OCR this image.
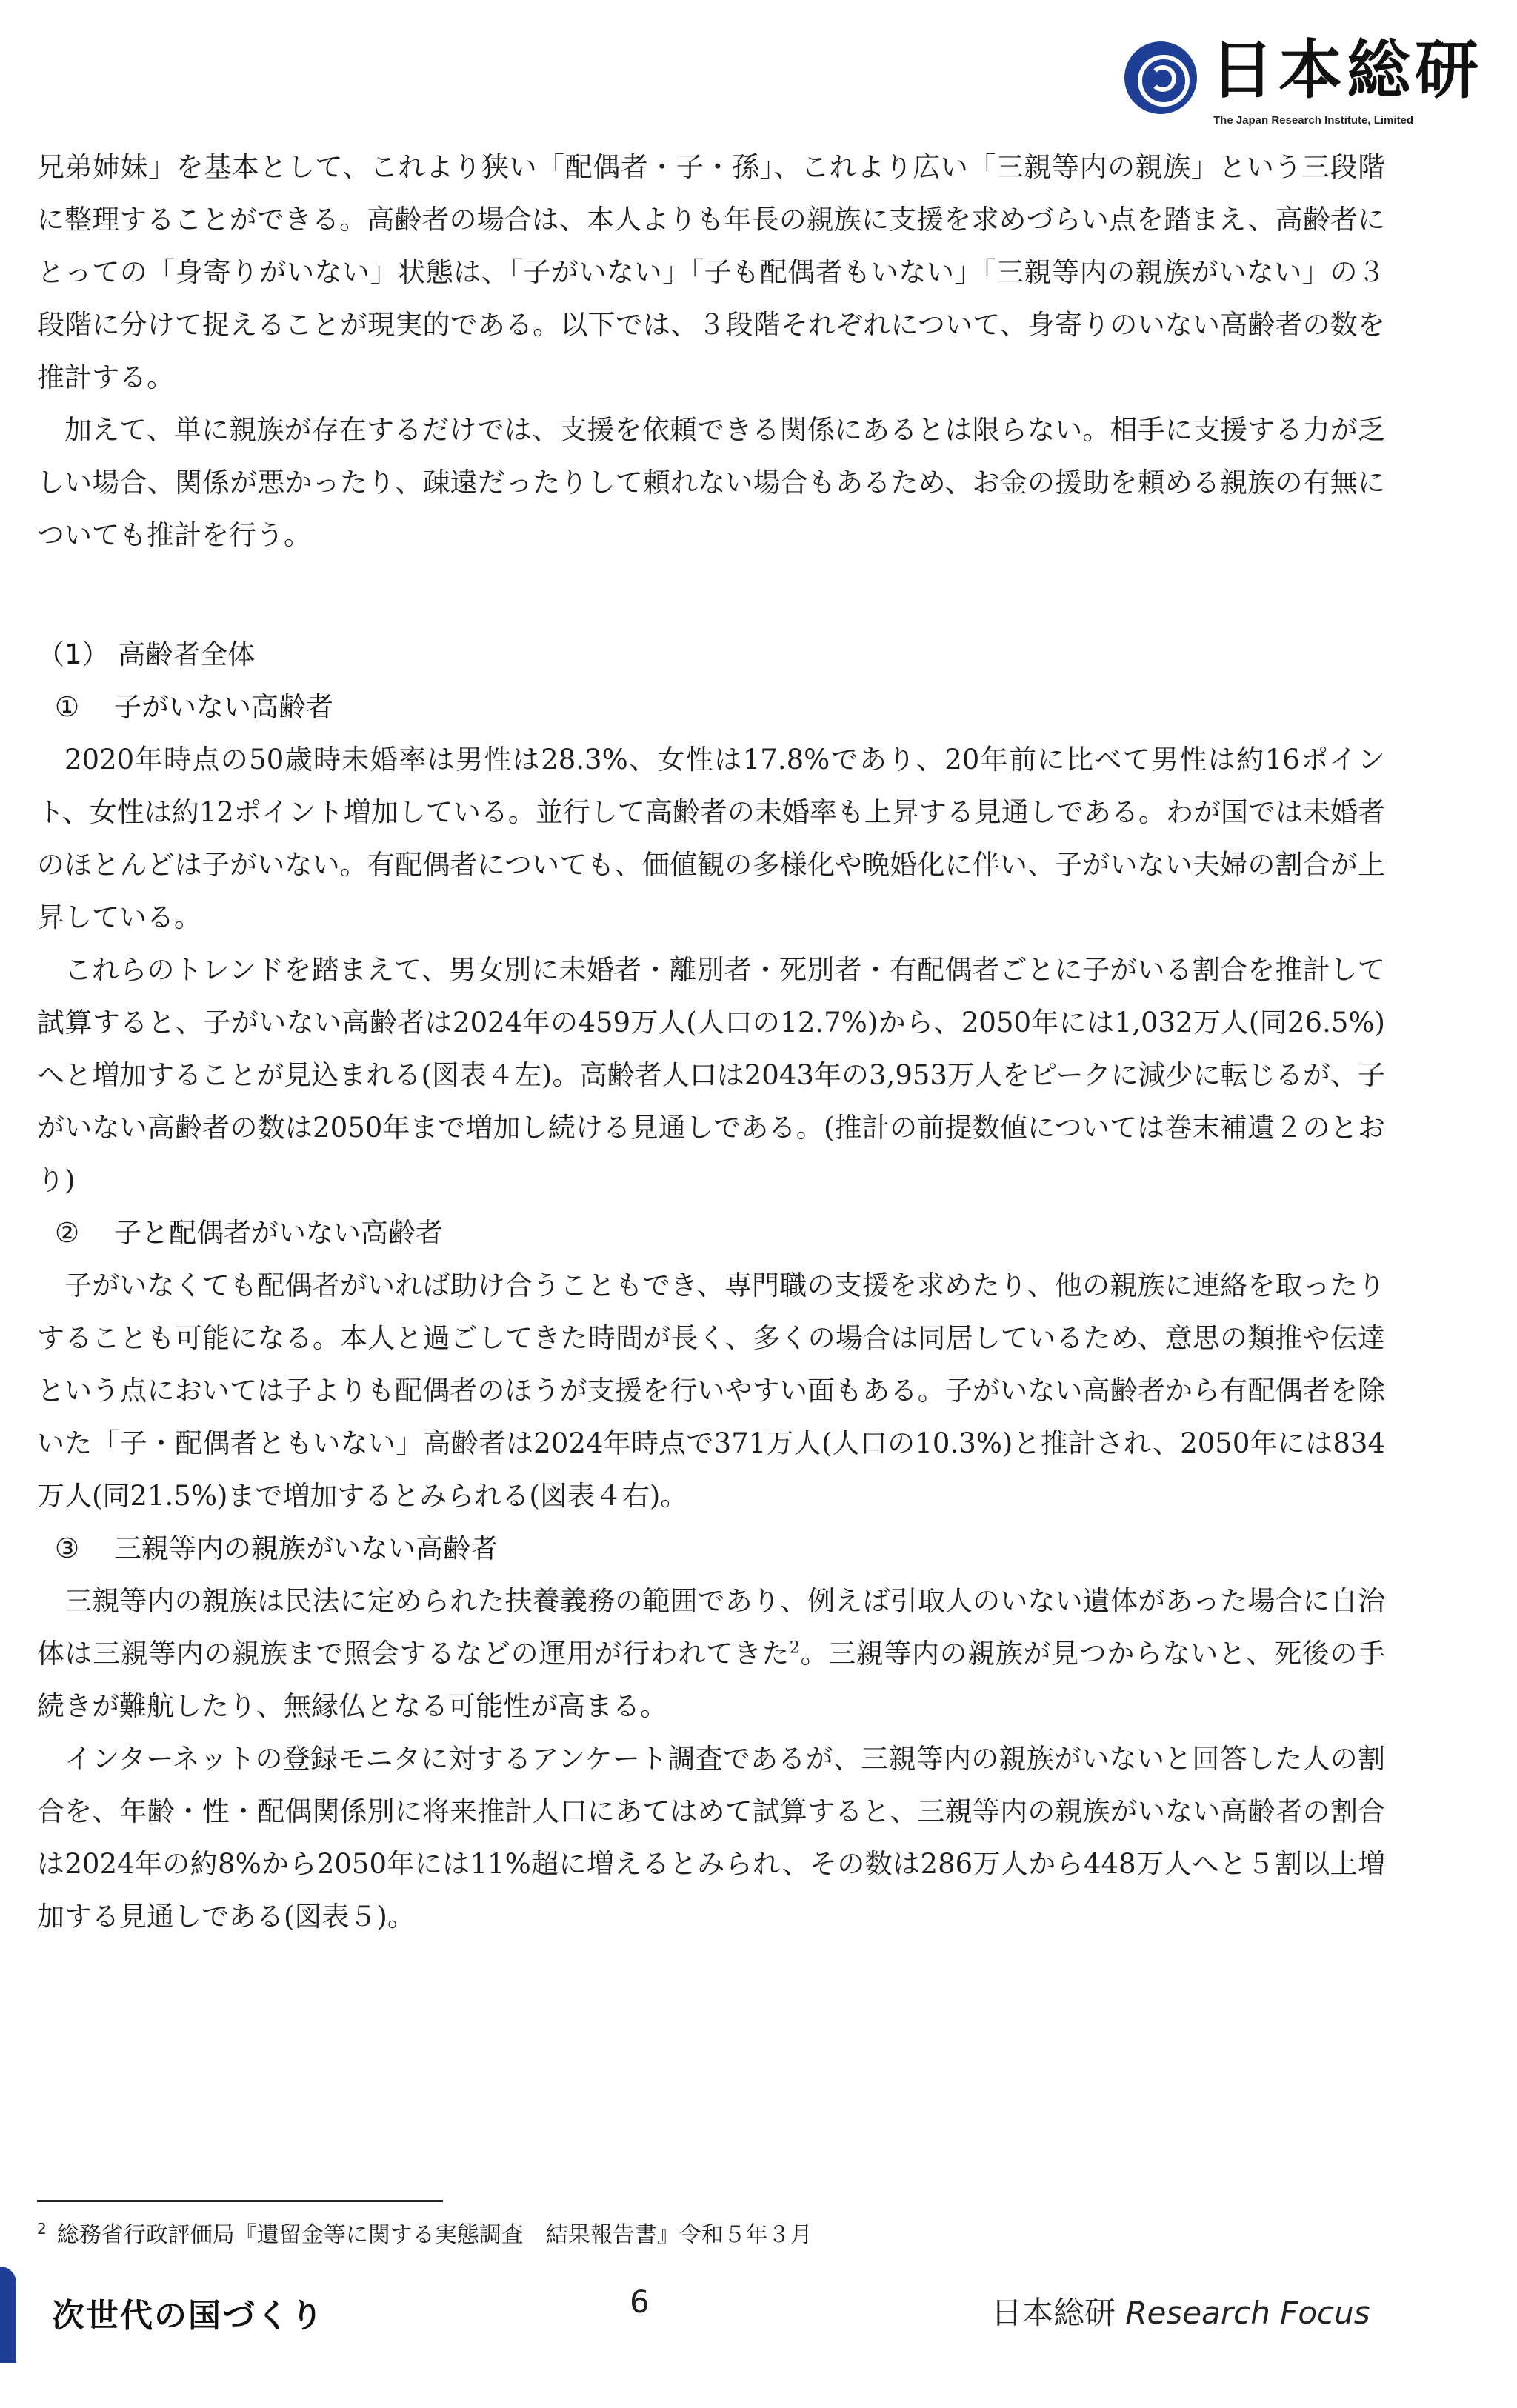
日本総研
The Japan Research Institute, Limited

兄弟姉妹」を基本として、これより狭い「配偶者・子・孫」、これより広い「三親等内の親族」という三段階に整理することができる。高齢者の場合は、本人よりも年長の親族に支援を求めづらい点を踏まえ、高齢者にとっての「身寄りがいない」状態は、「子がいない」「子も配偶者もいない」「三親等内の親族がいない」の３段階に分けて捉えることが現実的である。以下では、３段階それぞれについて、身寄りのいない高齢者の数を推計する。

加えて、単に親族が存在するだけでは、支援を依頼できる関係にあるとは限らない。相手に支援する力が乏しい場合、関係が悪かったり、疎遠だったりして頼れない場合もあるため、お金の援助を頼める親族の有無についても推計を行う。

（1） 高齢者全体

① 子がいない高齢者

2020年時点の50歳時未婚率は男性は28.3%、女性は17.8%であり、20年前に比べて男性は約16ポイント、女性は約12ポイント増加している。並行して高齢者の未婚率も上昇する見通しである。わが国では未婚者のほとんどは子がいない。有配偶者についても、価値観の多様化や晩婚化に伴い、子がいない夫婦の割合が上昇している。

これらのトレンドを踏まえて、男女別に未婚者・離別者・死別者・有配偶者ごとに子がいる割合を推計して試算すると、子がいない高齢者は2024年の459万人(人口の12.7%)から、2050年には1,032万人(同26.5%)へと増加することが見込まれる(図表４左)。高齢者人口は2043年の3,953万人をピークに減少に転じるが、子がいない高齢者の数は2050年まで増加し続ける見通しである。(推計の前提数値については巻末補遺２のとおり)

② 子と配偶者がいない高齢者

子がいなくても配偶者がいれば助け合うこともでき、専門職の支援を求めたり、他の親族に連絡を取ったりすることも可能になる。本人と過ごしてきた時間が長く、多くの場合は同居しているため、意思の類推や伝達という点においては子よりも配偶者のほうが支援を行いやすい面もある。子がいない高齢者から有配偶者を除いた「子・配偶者ともいない」高齢者は2024年時点で371万人(人口の10.3%)と推計され、2050年には834万人(同21.5%)まで増加するとみられる(図表４右)。

③ 三親等内の親族がいない高齢者

三親等内の親族は民法に定められた扶養義務の範囲であり、例えば引取人のいない遺体があった場合に自治体は三親等内の親族まで照会するなどの運用が行われてきた$^2$。三親等内の親族が見つからないと、死後の手続きが難航したり、無縁仏となる可能性が高まる。

インターネットの登録モニタに対するアンケート調査であるが、三親等内の親族がいないと回答した人の割合を、年齢・性・配偶関係別に将来推計人口にあてはめて試算すると、三親等内の親族がいない高齢者の割合は2024年の約8%から2050年には11%超に増えるとみられ、その数は286万人から448万人へと５割以上増加する見通しである(図表５)。

$^2$ 総務省行政評価局『遺留金等に関する実態調査　結果報告書』令和５年３月
次世代の国づくり	6	日本総研 Research Focus
